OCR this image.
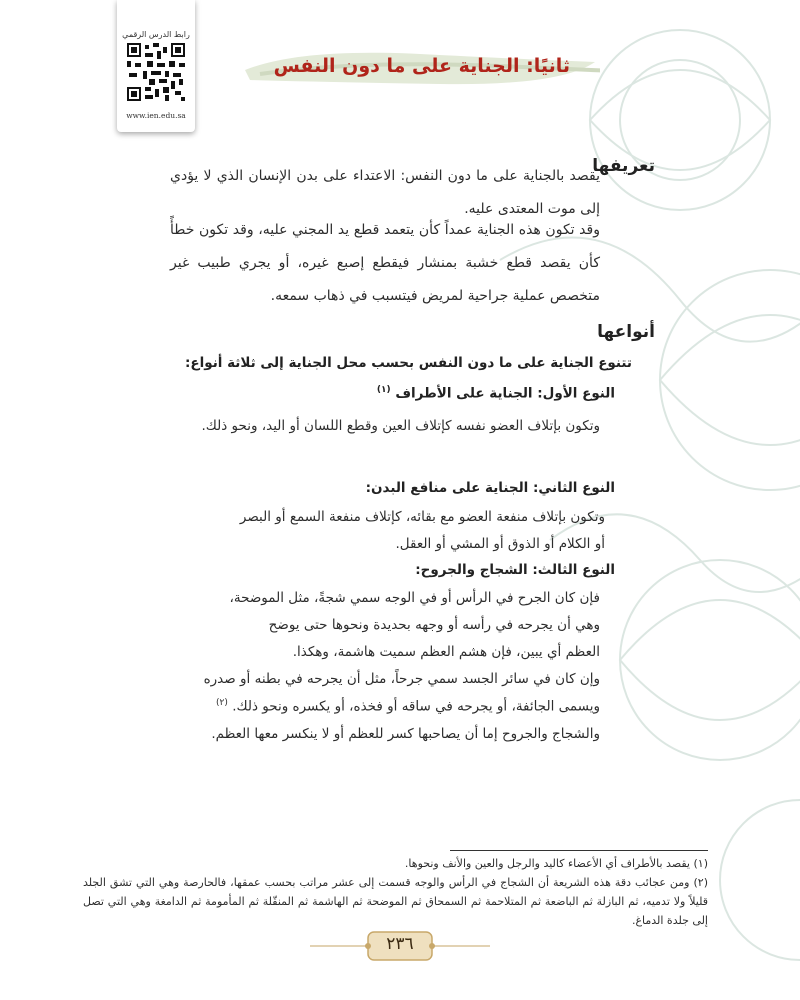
رابط الدرس الرقمي
www.ien.edu.sa
ثانيًا: الجناية على ما دون النفس
تعريفها
يقصد بالجناية على ما دون النفس: الاعتداء على بدن الإنسان الذي لا يؤدي إلى موت المعتدى عليه.
وقد تكون هذه الجناية عمداً كأن يتعمد قطع يد المجني عليه، وقد تكون خطأً كأن يقصد قطع خشبة بمنشار فيقطع إصبع غيره، أو يجري طبيب غير متخصص عملية جراحية لمريض فيتسبب في ذهاب سمعه.
أنواعها
تتنوع الجناية على ما دون النفس بحسب محل الجناية إلى ثلاثة أنواع:
النوع الأول: الجناية على الأطراف $^{(١)}$
وتكون بإتلاف العضو نفسه كإتلاف العين وقطع اللسان أو اليد، ونحو ذلك.
النوع الثاني: الجناية على منافع البدن:
وتكون بإتلاف منفعة العضو مع بقائه، كإتلاف منفعة السمع أو البصر
أو الكلام أو الذوق أو المشي أو العقل.
النوع الثالث: الشجاج والجروح:
فإن كان الجرح في الرأس أو في الوجه سمي شجةً، مثل الموضحة،
وهي أن يجرحه في رأسه أو وجهه بحديدة ونحوها حتى يوضح
العظم أي يبين، فإن هشم العظم سميت هاشمة، وهكذا.
وإن كان في سائر الجسد سمي جرحاً، مثل أن يجرحه في بطنه أو صدره
ويسمى الجائفة، أو يجرحه في ساقه أو فخذه، أو يكسره ونحو ذلك. $^{(٢)}$
والشجاج والجروح إما أن يصاحبها كسر للعظم أو لا ينكسر معها العظم.
(١) يقصد بالأطراف أي الأعضاء كاليد والرجل والعين والأنف ونحوها.
(٢) ومن عجائب دقة هذه الشريعة أن الشجاج في الرأس والوجه قسمت إلى عشر مراتب بحسب عمقها، فالحارصة وهي التي تشق الجلد قليلاً ولا تدميه، ثم البازلة ثم الباضعة ثم المتلاحمة ثم السمحاق ثم الموضحة ثم الهاشمة ثم المنقّلة ثم المأمومة ثم الدامغة وهي التي تصل إلى جلدة الدماغ.
٢٣٦
